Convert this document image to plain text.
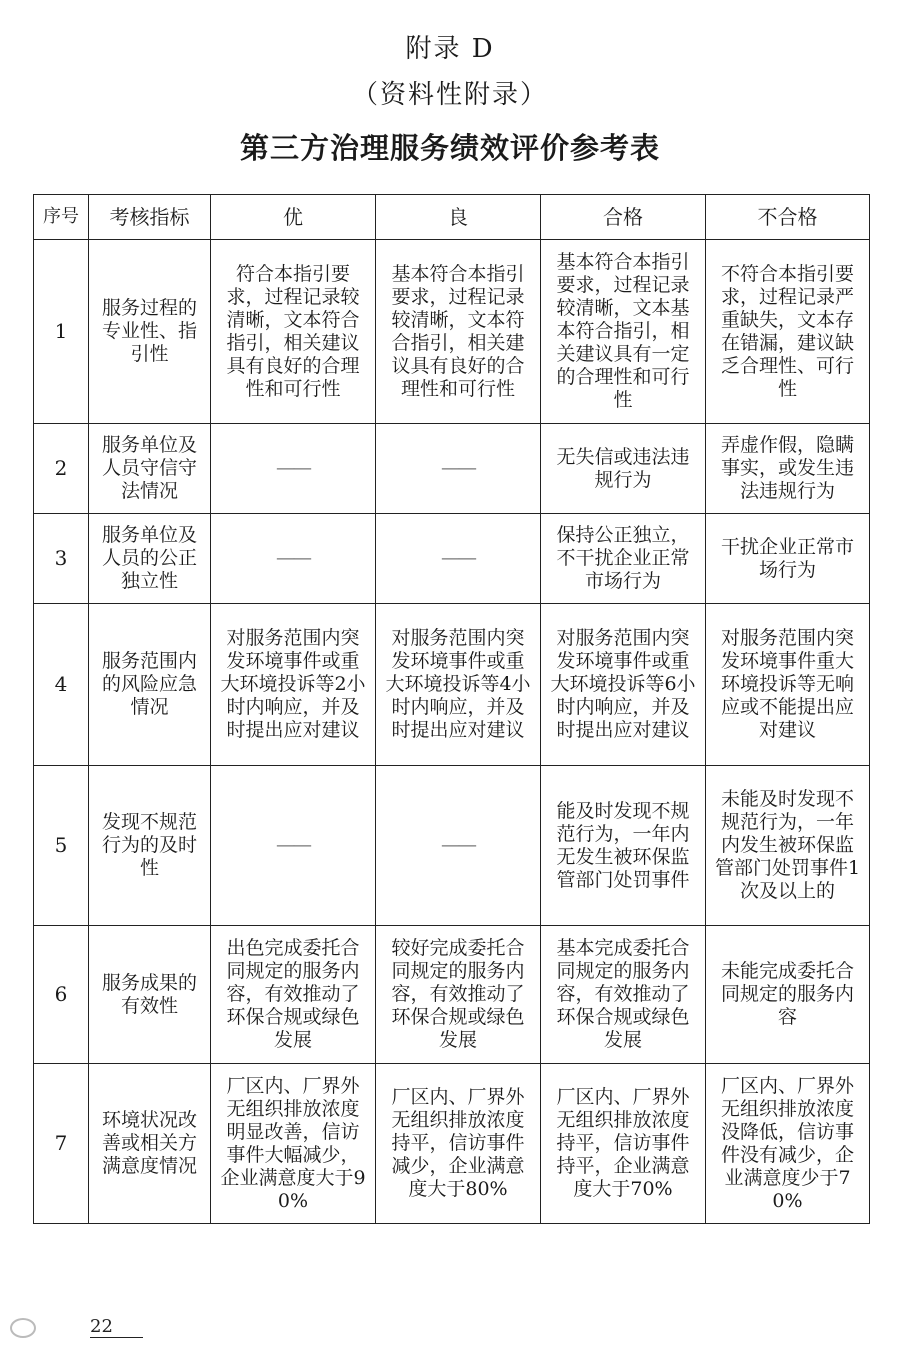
附录 D
（资料性附录）
第三方治理服务绩效评价参考表
序号	考核指标	优	良	合格	不合格
1	服务过程的专业性、指引性	符合本指引要求，过程记录较清晰，文本符合指引，相关建议具有良好的合理性和可行性	基本符合本指引要求，过程记录较清晰，文本符合指引，相关建议具有良好的合理性和可行性	基本符合本指引要求，过程记录较清晰，文本基本符合指引，相关建议具有一定的合理性和可行性	不符合本指引要求，过程记录严重缺失，文本存在错漏，建议缺乏合理性、可行性
2	服务单位及人员守信守法情况	——	——	无失信或违法违规行为	弄虚作假，隐瞒事实，或发生违法违规行为
3	服务单位及人员的公正独立性	——	——	保持公正独立，不干扰企业正常市场行为	干扰企业正常市场行为
4	服务范围内的风险应急情况	对服务范围内突发环境事件或重大环境投诉等2小时内响应，并及时提出应对建议	对服务范围内突发环境事件或重大环境投诉等4小时内响应，并及时提出应对建议	对服务范围内突发环境事件或重大环境投诉等6小时内响应，并及时提出应对建议	对服务范围内突发环境事件重大环境投诉等无响应或不能提出应对建议
5	发现不规范行为的及时性	——	——	能及时发现不规范行为，一年内无发生被环保监管部门处罚事件	未能及时发现不规范行为，一年内发生被环保监管部门处罚事件1次及以上的
6	服务成果的有效性	出色完成委托合同规定的服务内容，有效推动了环保合规或绿色发展	较好完成委托合同规定的服务内容，有效推动了环保合规或绿色发展	基本完成委托合同规定的服务内容，有效推动了环保合规或绿色发展	未能完成委托合同规定的服务内容
7	环境状况改善或相关方满意度情况	厂区内、厂界外无组织排放浓度明显改善，信访事件大幅减少，企业满意度大于90%	厂区内、厂界外无组织排放浓度持平，信访事件减少，企业满意度大于80%	厂区内、厂界外无组织排放浓度持平，信访事件持平，企业满意度大于70%	厂区内、厂界外无组织排放浓度没降低，信访事件没有减少，企业满意度少于70%
22
